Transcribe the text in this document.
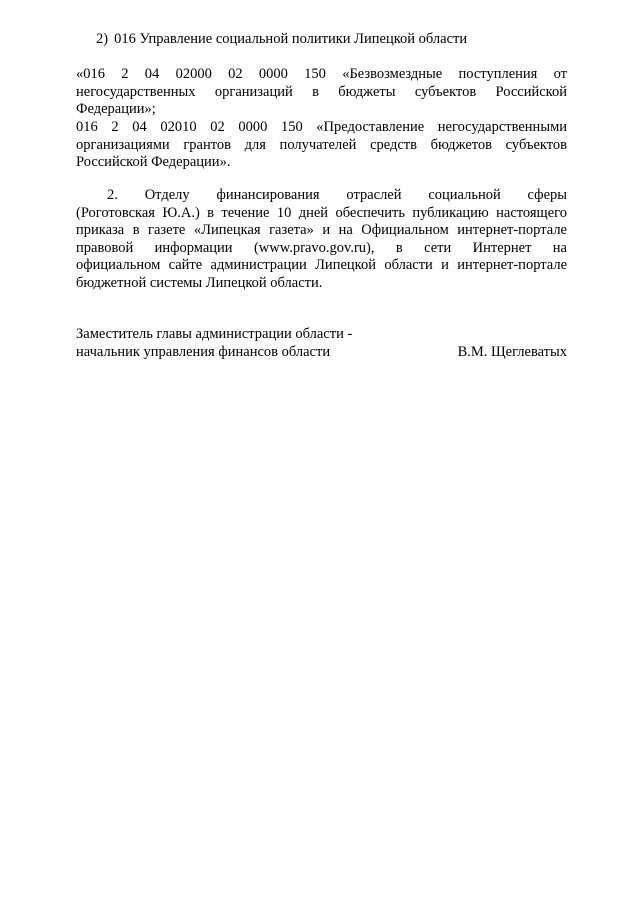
2) 016 Управление социальной политики Липецкой области
«016 2 04 02000 02 0000 150 «Безвозмездные поступления от
негосударственных организаций в бюджеты субъектов Российской
Федерации»;
016 2 04 02010 02 0000 150 «Предоставление негосударственными
организациями грантов для получателей средств бюджетов субъектов
Российской Федерации».
2. Отделу финансирования отраслей социальной сферы
(Роготовская Ю.А.) в течение 10 дней обеспечить публикацию настоящего
приказа в газете «Липецкая газета» и на Официальном интернет-портале
правовой информации (www.pravo.gov.ru), в сети Интернет на
официальном сайте администрации Липецкой области и интернет-портале
бюджетной системы Липецкой области.
Заместитель главы администрации области -
начальник управления финансов области	В.М. Щеглеватых
